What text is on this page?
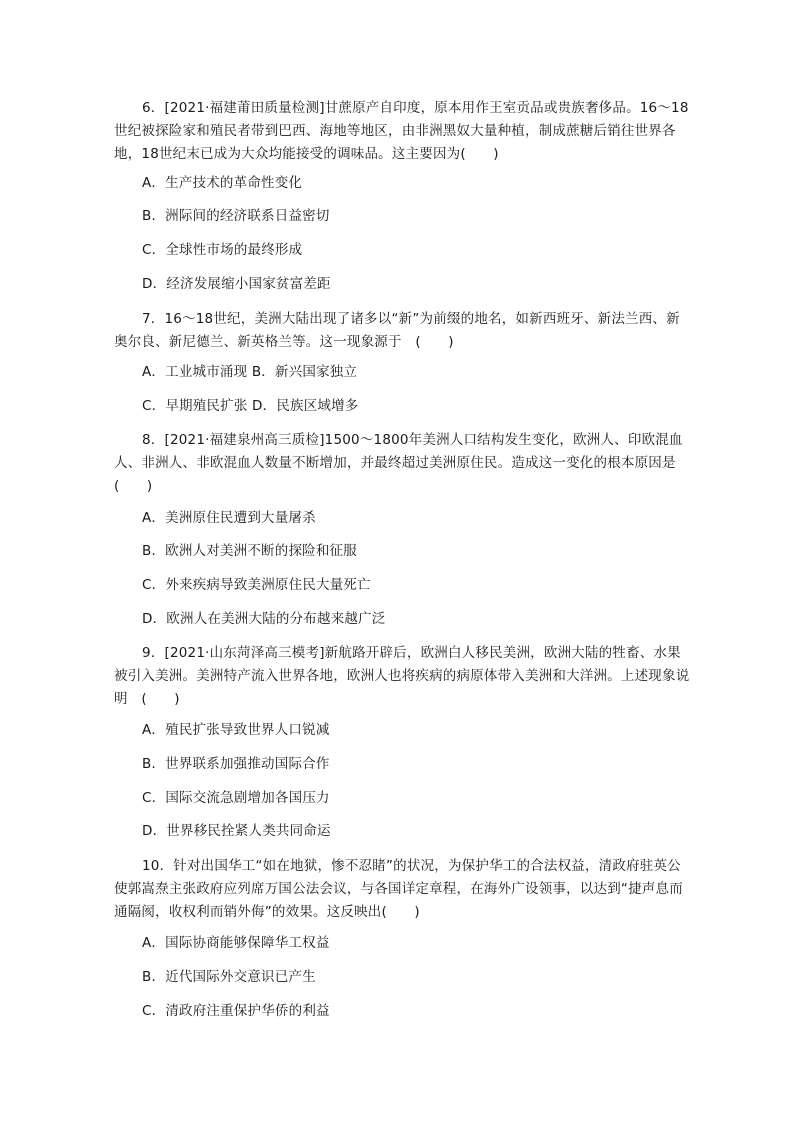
6．[2021·福建莆田质量检测]甘蔗原产自印度，原本用作王室贡品或贵族奢侈品。16～18世纪被探险家和殖民者带到巴西、海地等地区，由非洲黑奴大量种植，制成蔗糖后销往世界各地，18世纪末已成为大众均能接受的调味品。这主要因为(　　)

A．生产技术的革命性变化

B．洲际间的经济联系日益密切

C．全球性市场的最终形成

D．经济发展缩小国家贫富差距

7．16～18世纪，美洲大陆出现了诸多以“新”为前缀的地名，如新西班牙、新法兰西、新奥尔良、新尼德兰、新英格兰等。这一现象源于　(　　)

A．工业城市涌现 B．新兴国家独立

C．早期殖民扩张 D．民族区域增多

8．[2021·福建泉州高三质检]1500～1800年美洲人口结构发生变化，欧洲人、印欧混血人、非洲人、非欧混血人数量不断增加，并最终超过美洲原住民。造成这一变化的根本原因是　(　　)

A．美洲原住民遭到大量屠杀

B．欧洲人对美洲不断的探险和征服

C．外来疾病导致美洲原住民大量死亡

D．欧洲人在美洲大陆的分布越来越广泛

9．[2021·山东菏泽高三模考]新航路开辟后，欧洲白人移民美洲，欧洲大陆的牲畜、水果被引入美洲。美洲特产流入世界各地，欧洲人也将疾病的病原体带入美洲和大洋洲。上述现象说明　(　　)

A．殖民扩张导致世界人口锐减

B．世界联系加强推动国际合作

C．国际交流急剧增加各国压力

D．世界移民拴紧人类共同命运

10．针对出国华工“如在地狱，惨不忍睹”的状况，为保护华工的合法权益，清政府驻英公使郭嵩焘主张政府应列席万国公法会议，与各国详定章程，在海外广设领事，以达到“捷声息而通隔阂，收权利而销外侮”的效果。这反映出(　　)

A．国际协商能够保障华工权益

B．近代国际外交意识已产生

C．清政府注重保护华侨的利益
